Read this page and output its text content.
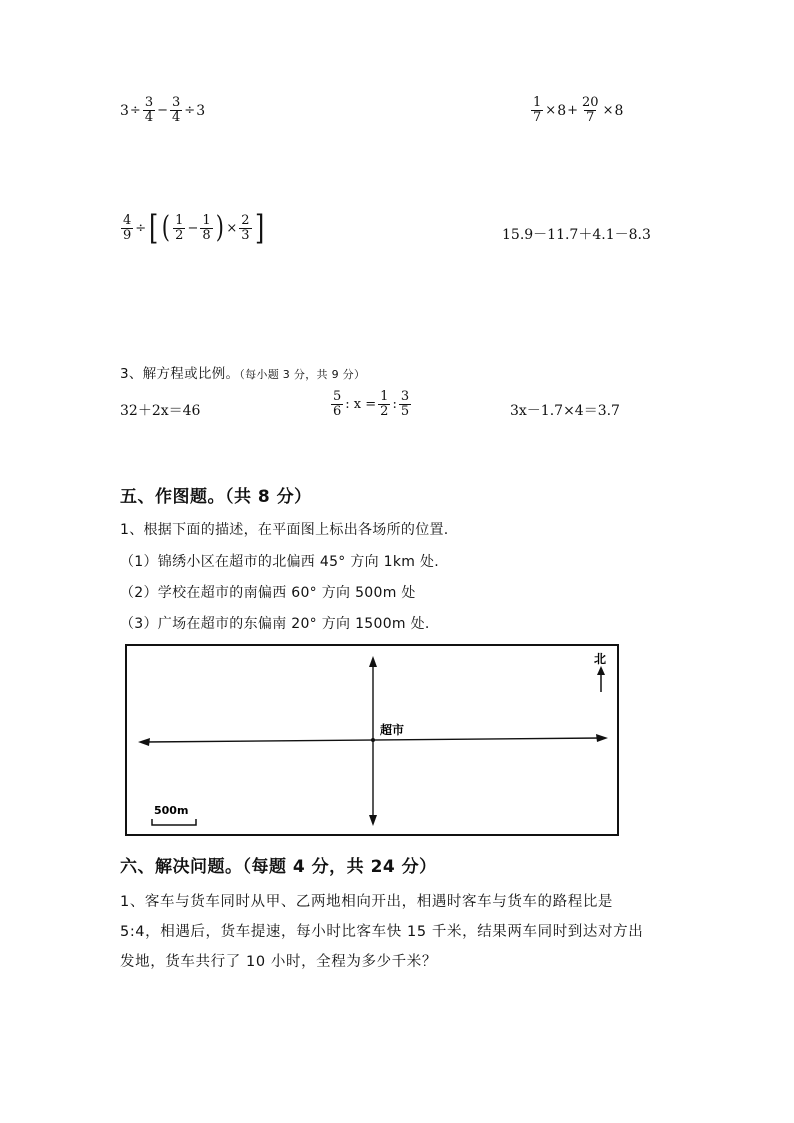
$3 \div \frac{3}{4} - \frac{3}{4} \div 3$	$\frac{1}{7} \times 8 + \frac{20}{7} \times 8$
$\frac{4}{9}$ ÷ [ ( $\frac{1}{2} - \frac{1}{8}$ ) × $\frac{2}{3}$ ]	15.9－11.7＋4.1－8.3
3、解方程或比例。（每小题 3 分，共 9 分）
32＋2x＝46	$\frac{5}{6}$ : $x = \frac{1}{2}$ : $\frac{3}{5}$	3x－1.7×4＝3.7
五、作图题。（共 8 分）
1、根据下面的描述，在平面图上标出各场所的位置.
（1）锦绣小区在超市的北偏西 45° 方向 1km 处.
（2）学校在超市的南偏西 60° 方向 500m 处
（3）广场在超市的东偏南 20° 方向 1500m 处.
超市
北
500m
六、解决问题。（每题 4 分，共 24 分）
1、客车与货车同时从甲、乙两地相向开出，相遇时客车与货车的路程比是
5:4，相遇后，货车提速，每小时比客车快 15 千米，结果两车同时到达对方出
发地，货车共行了 10 小时，全程为多少千米？
